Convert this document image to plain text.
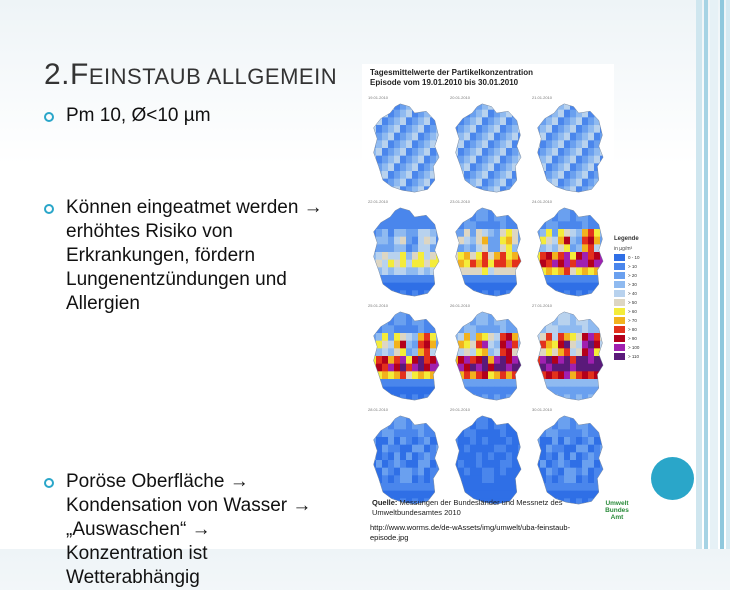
2.FEINSTAUB ALLGEMEIN
Pm 10, Ø<10 µm
Können eingeatmet werden →
erhöhtes Risiko von
Erkrankungen, fördern
Lungenentzündungen und
Allergien
Poröse Oberfläche →
Kondensation von Wasser →
„Auswaschen“ →
Konzentration ist
Wetterabhängig
Tagesmittelwerte der Partikelkonzentration
Episode vom 19.01.2010 bis 30.01.2010
19.01.2010	20.01.2010	21.01.2010
22.01.2010	23.01.2010	24.01.2010
25.01.2010	26.01.2010	27.01.2010
28.01.2010	29.01.2010	30.01.2010
Legende
in µg/m³
0 - 10
> 10
> 20
> 30
> 40
> 50
> 60
> 70
> 80
> 90
> 100
> 110
Quelle: Messungen der Bundesländer und Messnetz des Umweltbundesamtes 2010
http://www.worms.de/de-wAssets/img/umwelt/uba-feinstaub-episode.jpg
Umwelt
Bundes
Amt
